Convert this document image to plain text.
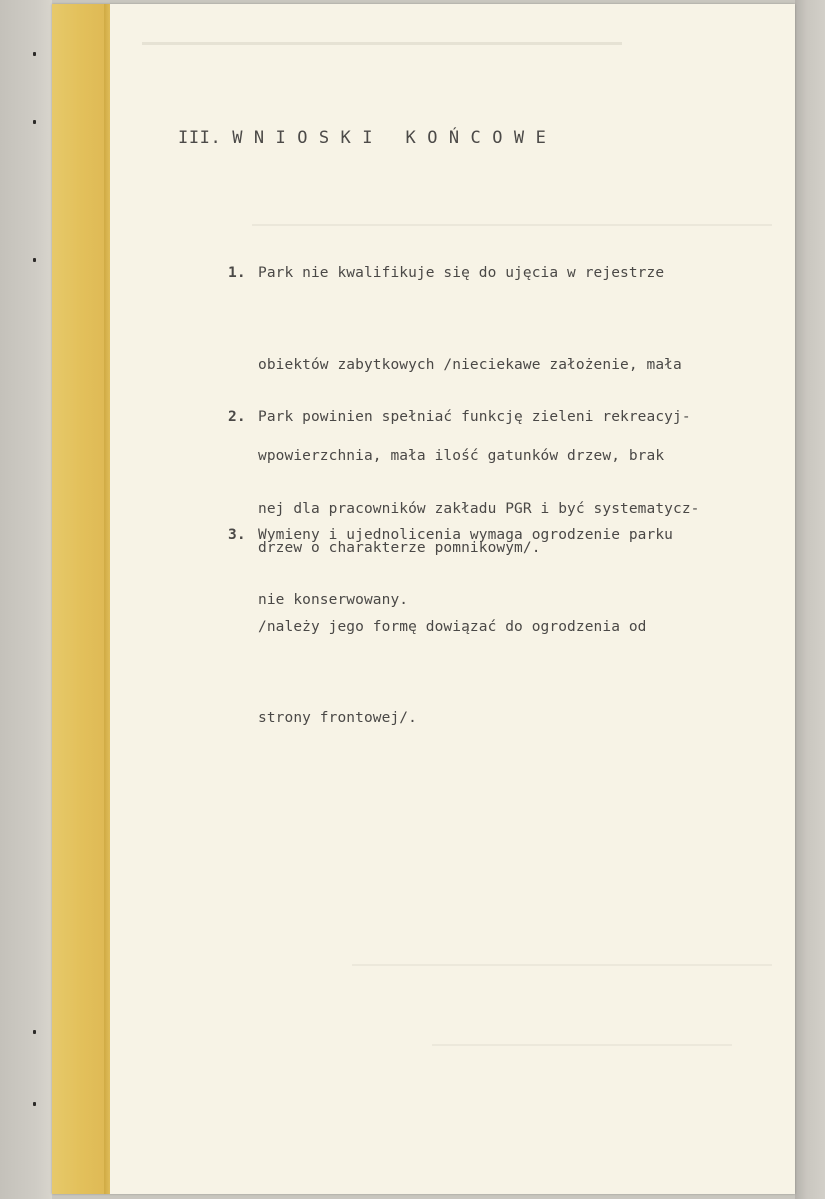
III. W N I O S K I   K O Ń C O W E

1. Park nie kwalifikuje się do ujęcia w rejestrze

obiektów zabytkowych /nieciekawe założenie, mała

wpowierzchnia, mała ilość gatunków drzew, brak

drzew o charakterze pomnikowym/.

2. Park powinien spełniać funkcję zieleni rekreacyj-

nej dla pracowników zakładu PGR i być systematycz-

nie konserwowany.

3. Wymieny i ujednolicenia wymaga ogrodzenie parku

/należy jego formę dowiązać do ogrodzenia od

strony frontowej/.
